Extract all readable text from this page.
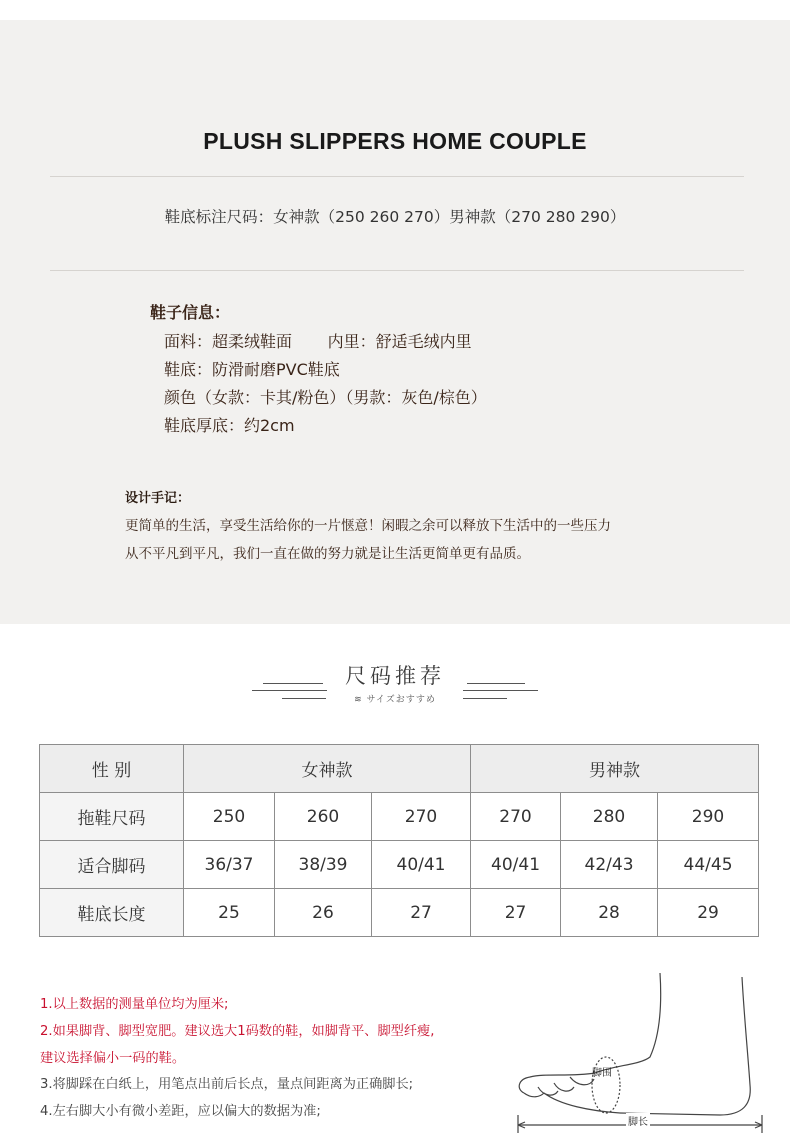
PLUSH SLIPPERS HOME COUPLE
鞋底标注尺码：女神款（250 260 270）男神款（270 280 290）
鞋子信息：
面料：超柔绒鞋面       内里：舒适毛绒内里
鞋底：防滑耐磨PVC鞋底
颜色（女款：卡其/粉色）（男款：灰色/棕色）
鞋底厚底：约2cm
设计手记：
更简单的生活，享受生活给你的一片惬意！闲暇之余可以释放下生活中的一些压力
从不平凡到平凡，我们一直在做的努力就是让生活更简单更有品质。
尺码推荐
≋ サイズおすすめ
性 别	女神款			男神款		
拖鞋尺码	250	260	270	270	280	290
适合脚码	36/37	38/39	40/41	40/41	42/43	44/45
鞋底长度	25	26	27	27	28	29
1.以上数据的测量单位均为厘米;
2.如果脚背、脚型宽肥。建议选大1码数的鞋，如脚背平、脚型纤瘦,
建议选择偏小一码的鞋。
3.将脚踩在白纸上，用笔点出前后长点，量点间距离为正确脚长;
4.左右脚大小有微小差距，应以偏大的数据为准;
脚围
脚长
